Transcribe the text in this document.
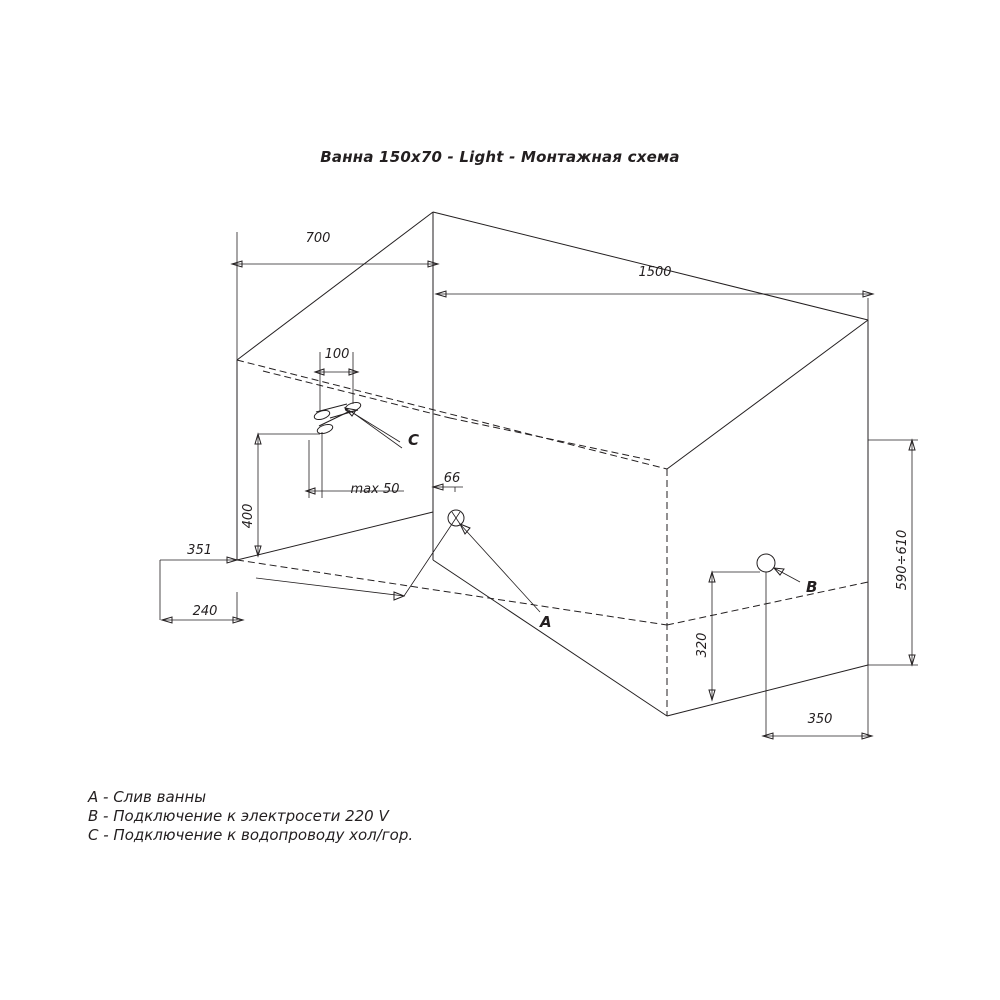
Ванна 150х70 - Light - Монтажная схема
700
1500
100
C
max 50
400
351
240
66
A
B
320
350
590÷610
A - Слив ванны
B - Подключение к электросети 220 V
C - Подключение к водопроводу хол/гор.
